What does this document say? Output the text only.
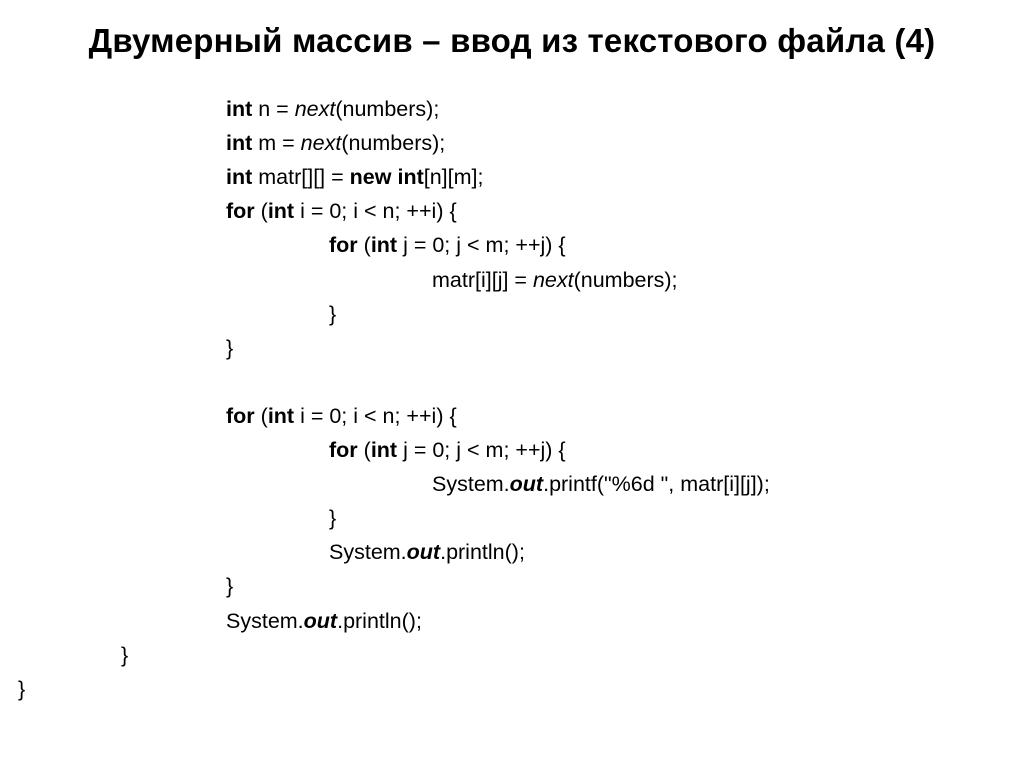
Двумерный массив – ввод из текстового файла (4)
int n = next(numbers);
int m = next(numbers);
int matr[][] = new int[n][m];
for (int i = 0; i < n; ++i) {
for (int j = 0; j < m; ++j) {
matr[i][j] = next(numbers);
}
}
for (int i = 0; i < n; ++i) {
for (int j = 0; j < m; ++j) {
System.out.printf("%6d ", matr[i][j]);
}
System.out.println();
}
System.out.println();
}
}
